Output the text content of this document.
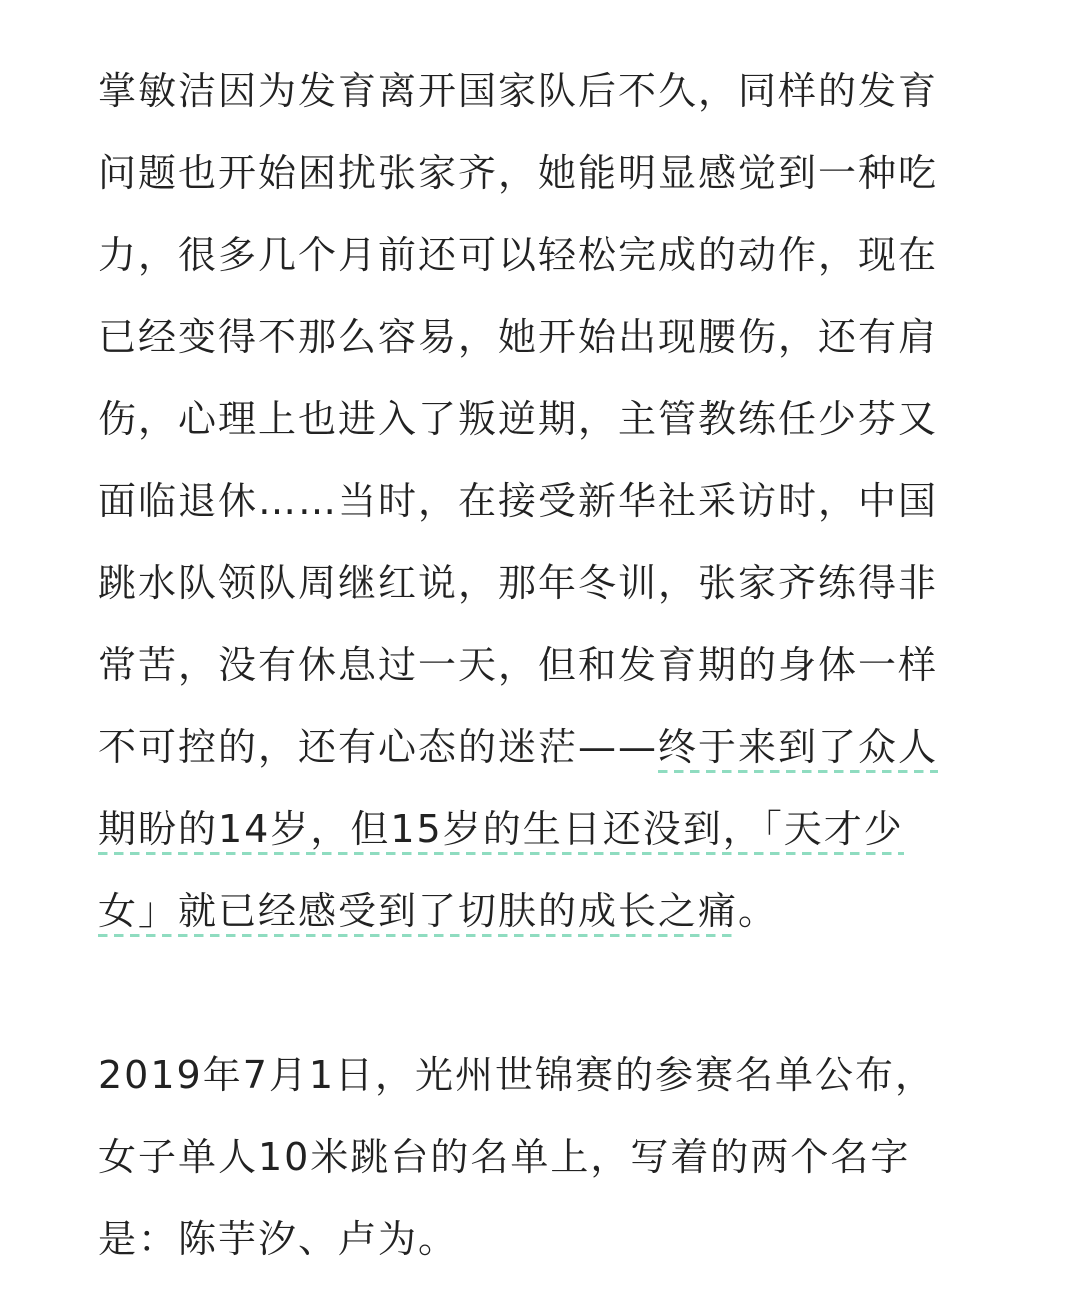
掌敏洁因为发育离开国家队后不久，同样的发育
问题也开始困扰张家齐，她能明显感觉到一种吃
力，很多几个月前还可以轻松完成的动作，现在
已经变得不那么容易，她开始出现腰伤，还有肩
伤，心理上也进入了叛逆期，主管教练任少芬又
面临退休……当时，在接受新华社采访时，中国
跳水队领队周继红说，那年冬训，张家齐练得非
常苦，没有休息过一天，但和发育期的身体一样
不可控的，还有心态的迷茫——终于来到了众人
期盼的14岁，但15岁的生日还没到，「天才少
女」就已经感受到了切肤的成长之痛。
2019年7月1日，光州世锦赛的参赛名单公布，
女子单人10米跳台的名单上，写着的两个名字
是：陈芋汐、卢为。
